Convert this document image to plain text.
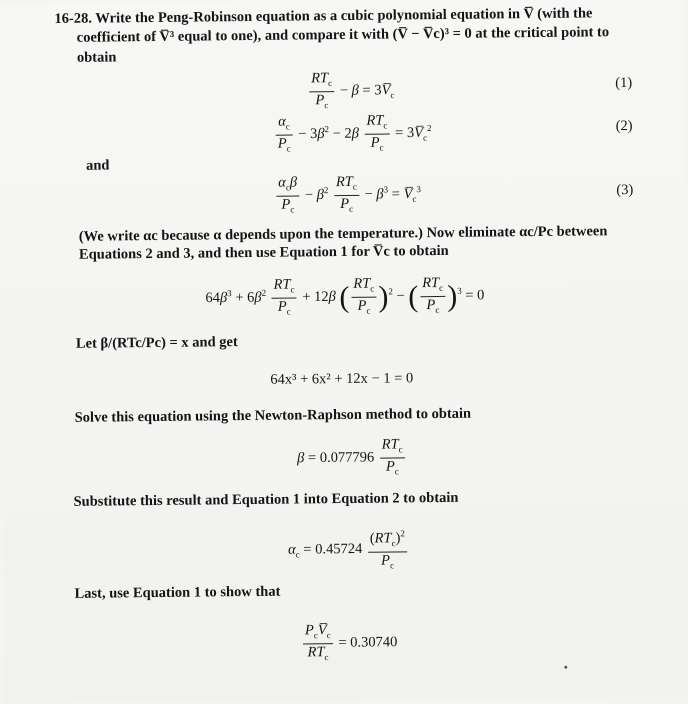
16-28. Write the Peng-Robinson equation as a cubic polynomial equation in V̅ (with the
coefficient of V̅³ equal to one), and compare it with (V̅ − V̅c)³ = 0 at the critical point to
obtain
$\frac{RT_c}{P_c} - \beta$ = $3V̅_c$
(1)
$\frac{\alpha_c}{P_c} - 3\beta^2 - 2\beta \frac{RT_c}{P_c}$ = $3V̅_c^2$	(2)
and
$\frac{\alpha_c\beta}{P_c} - \beta^2 \frac{RT_c}{P_c} - \beta^3$ = $V̅_c^3$	(3)
(We write αc because α depends upon the temperature.) Now eliminate αc/Pc between
Equations 2 and 3, and then use Equation 1 for V̅c to obtain
$64\beta^3 + 6\beta^2 \frac{RT_c}{P_c} + 12\beta$ ( $\frac{RT_c}{P_c} )^2$ − ( $\frac{RT_c}{P_c} )^3 = 0$
Let β/(RTc/Pc) = x and get
64x³ + 6x² + 12x − 1 = 0
Solve this equation using the Newton-Raphson method to obtain
$\beta = 0.077796 \frac{RT_c}{P_c}$
Substitute this result and Equation 1 into Equation 2 to obtain
$\alpha_c = 0.45724 \frac{(RT_c)^2}{P_c}$
Last, use Equation 1 to show that
$\frac{P_cV̅_c}{RT_c} = 0.30740$
